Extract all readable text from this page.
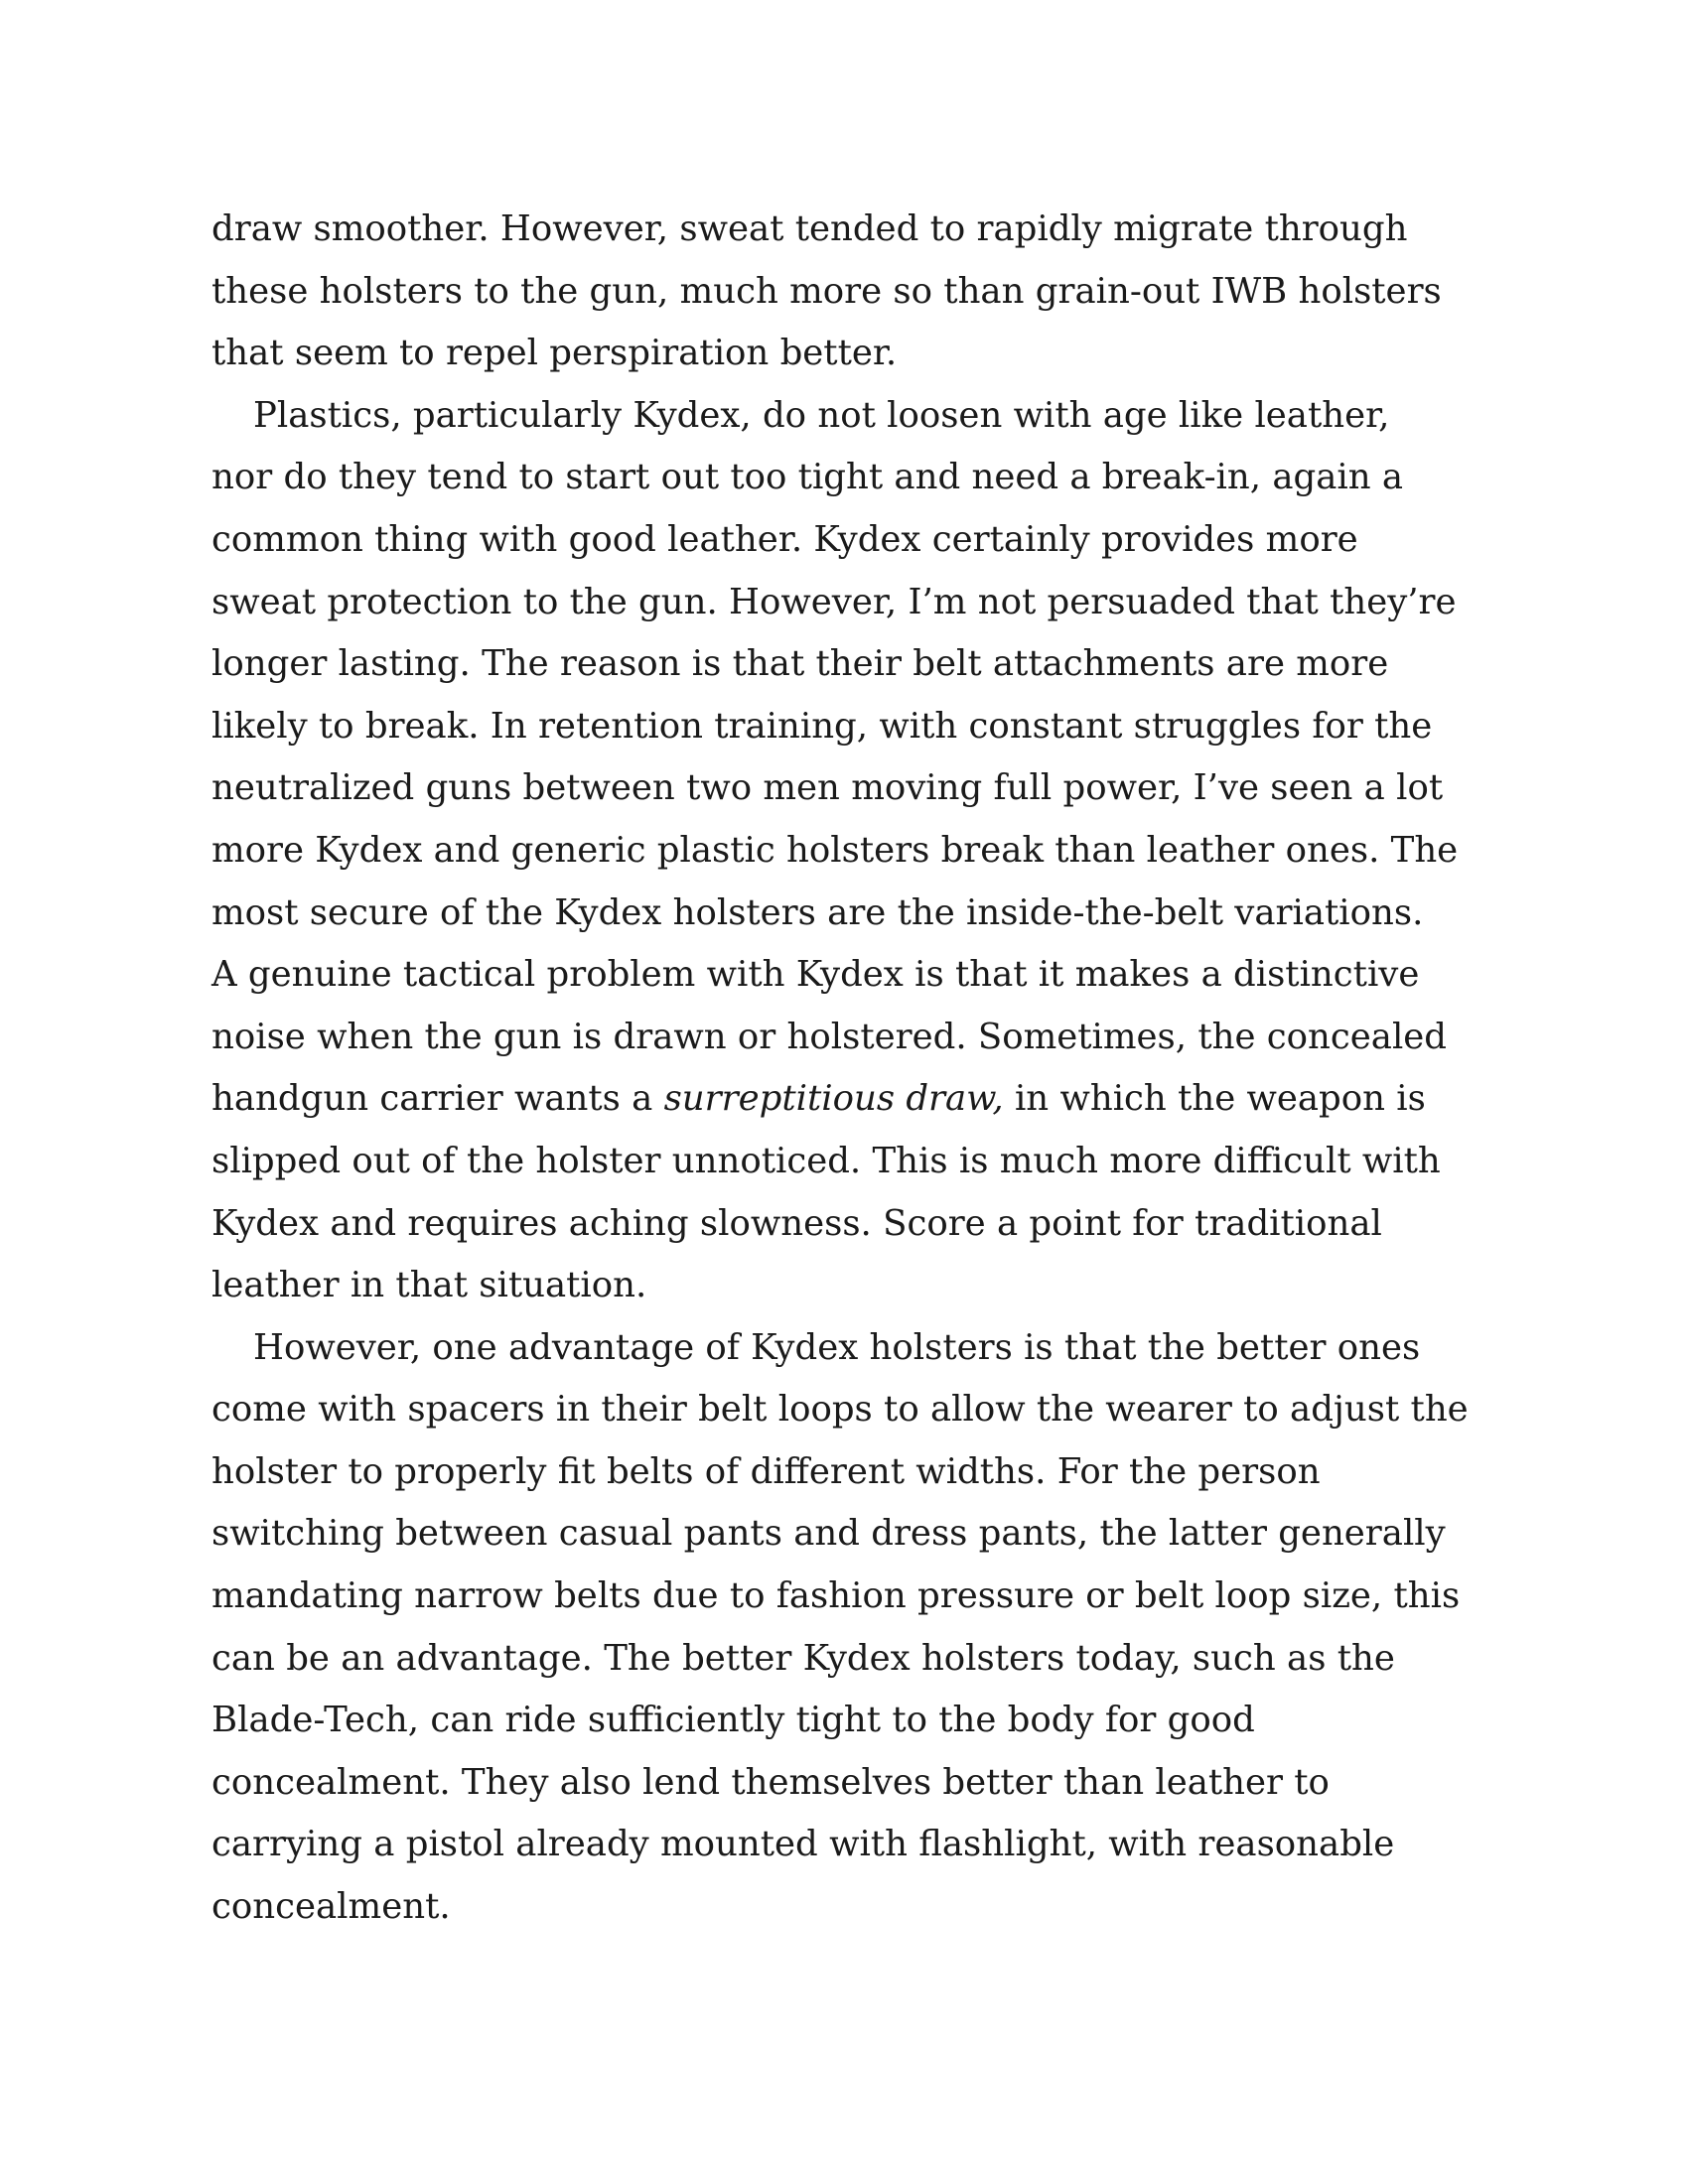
draw smoother. However, sweat tended to rapidly migrate through
these holsters to the gun, much more so than grain-out IWB holsters
that seem to repel perspiration better.
Plastics, particularly Kydex, do not loosen with age like leather,
nor do they tend to start out too tight and need a break-in, again a
common thing with good leather. Kydex certainly provides more
sweat protection to the gun. However, I’m not persuaded that they’re
longer lasting. The reason is that their belt attachments are more
likely to break. In retention training, with constant struggles for the
neutralized guns between two men moving full power, I’ve seen a lot
more Kydex and generic plastic holsters break than leather ones. The
most secure of the Kydex holsters are the inside-the-belt variations.
A genuine tactical problem with Kydex is that it makes a distinctive
noise when the gun is drawn or holstered. Sometimes, the concealed
handgun carrier wants a surreptitious draw, in which the weapon is
slipped out of the holster unnoticed. This is much more difficult with
Kydex and requires aching slowness. Score a point for traditional
leather in that situation.
However, one advantage of Kydex holsters is that the better ones
come with spacers in their belt loops to allow the wearer to adjust the
holster to properly fit belts of different widths. For the person
switching between casual pants and dress pants, the latter generally
mandating narrow belts due to fashion pressure or belt loop size, this
can be an advantage. The better Kydex holsters today, such as the
Blade-Tech, can ride sufficiently tight to the body for good
concealment. They also lend themselves better than leather to
carrying a pistol already mounted with flashlight, with reasonable
concealment.
